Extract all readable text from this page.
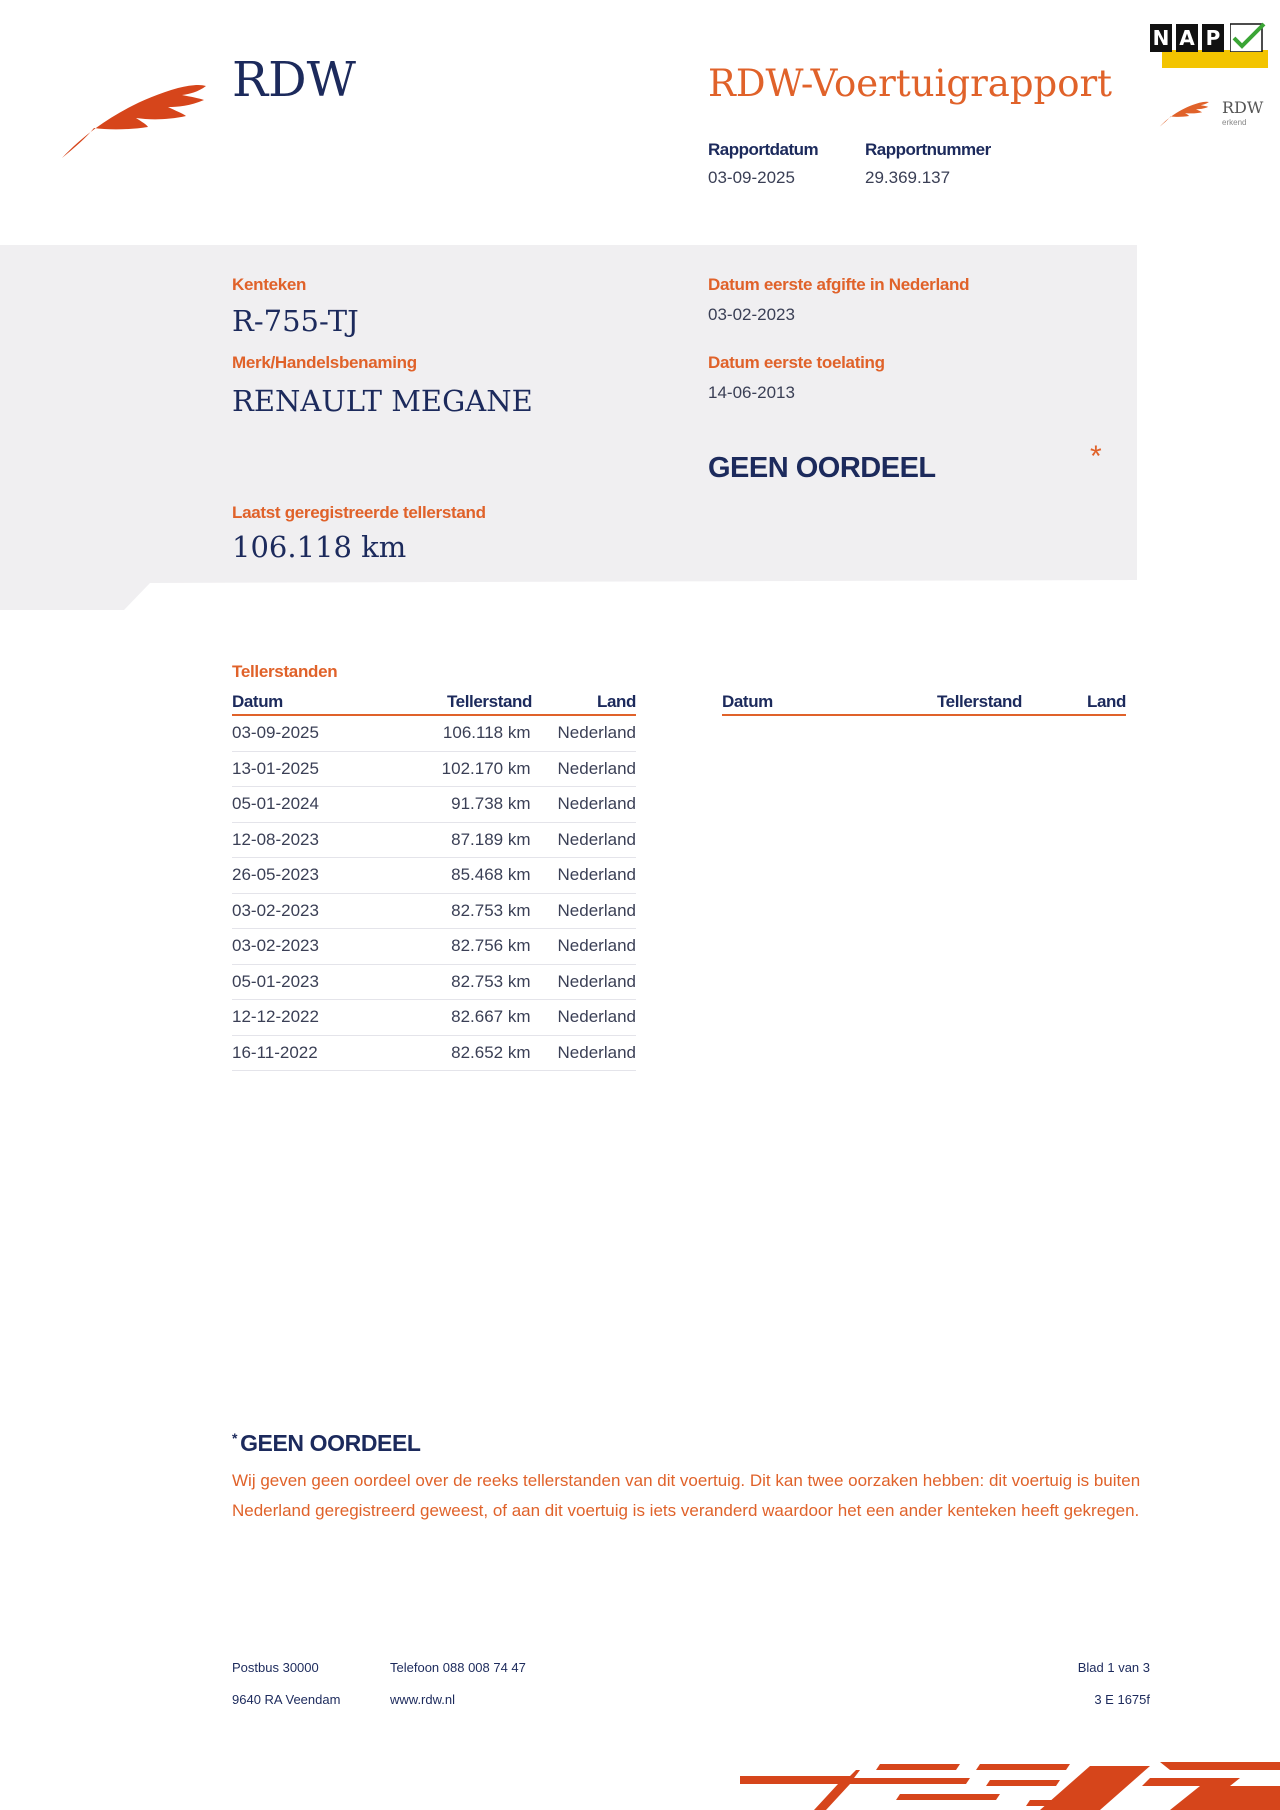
RDW	RDW-Voertuigrapport
Rapportdatum
03-09-2025
Rapportnummer
29.369.137
N A P
RDW
erkend
Kenteken
R-755-TJ
Merk/Handelsbenaming
RENAULT MEGANE
Laatst geregistreerde tellerstand
106.118 km
Datum eerste afgifte in Nederland
03-02-2023
Datum eerste toelating
14-06-2013
GEEN OORDEEL	*
Tellerstanden
Datum	Tellerstand	Land
03-09-2025	106.118 km	Nederland
13-01-2025	102.170 km	Nederland
05-01-2024	91.738 km	Nederland
12-08-2023	87.189 km	Nederland
26-05-2023	85.468 km	Nederland
03-02-2023	82.753 km	Nederland
03-02-2023	82.756 km	Nederland
05-01-2023	82.753 km	Nederland
12-12-2022	82.667 km	Nederland
16-11-2022	82.652 km	Nederland
Datum	Tellerstand	Land
* GEEN OORDEEL
Wij geven geen oordeel over de reeks tellerstanden van dit voertuig. Dit kan twee oorzaken hebben: dit voertuig is buiten Nederland geregistreerd geweest, of aan dit voertuig is iets veranderd waardoor het een ander kenteken heeft gekregen.
Postbus 30000
9640 RA Veendam
Telefoon 088 008 74 47
www.rdw.nl
Blad 1 van 3
3 E 1675f
